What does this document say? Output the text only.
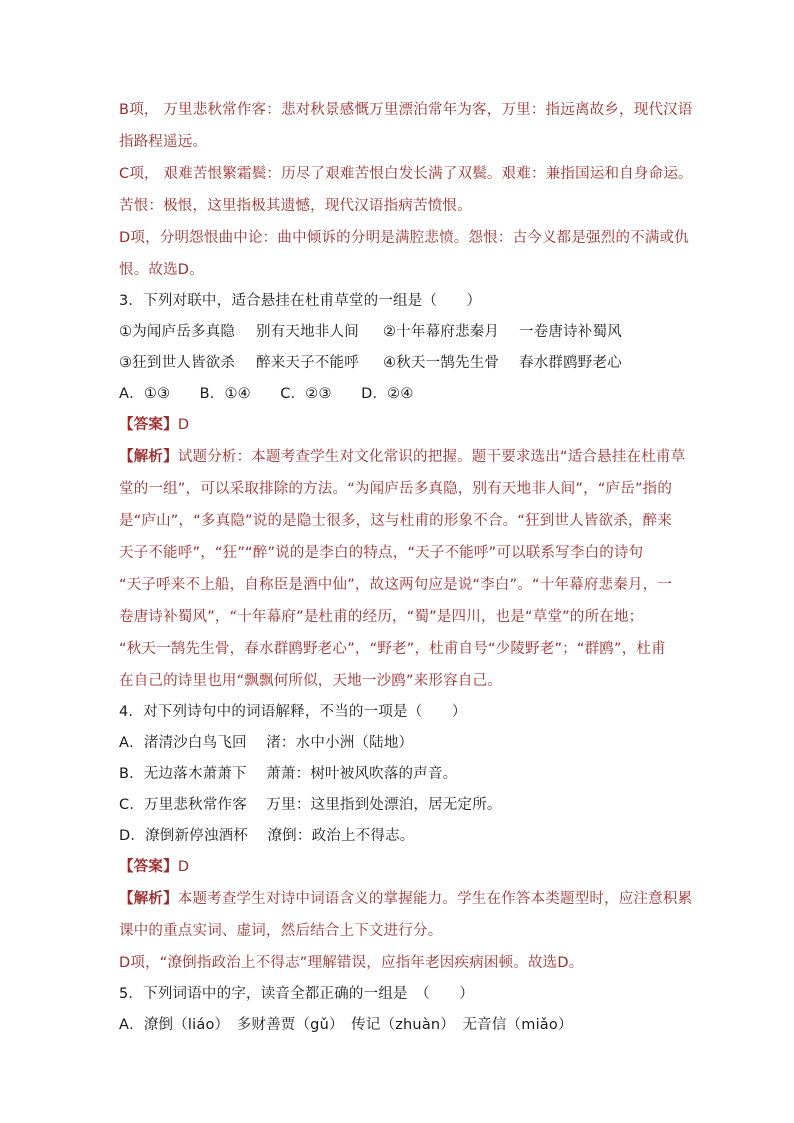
B项， 万里悲秋常作客：悲对秋景感慨万里漂泊常年为客，万里：指远离故乡，现代汉语
指路程遥远。
C项， 艰难苦恨繁霜鬓：历尽了艰难苦恨白发长满了双鬓。艰难：兼指国运和自身命运。
苦恨：极恨，这里指极其遗憾，现代汉语指病苦愤恨。
D项，分明怨恨曲中论：曲中倾诉的分明是满腔悲愤。怨恨：古今义都是强烈的不满或仇
恨。故选D。
3．下列对联中，适合悬挂在杜甫草堂的一组是（　　）
①为闻庐岳多真隐 别有天地非人间 ②十年幕府悲秦月 一卷唐诗补蜀风
③狂到世人皆欲杀 醉来天子不能呼 ④秋天一鹄先生骨 春水群鸥野老心
A．①③　　B．①④　　C．②③　　D．②④
【答案】D
【解析】试题分析：本题考查学生对文化常识的把握。题干要求选出“适合悬挂在杜甫草
堂的一组”，可以采取排除的方法。“为闻庐岳多真隐，别有天地非人间”，“庐岳”指的
是“庐山”，“多真隐”说的是隐士很多，这与杜甫的形象不合。“狂到世人皆欲杀，醉来
天子不能呼”，“狂”“醉”说的是李白的特点，“天子不能呼”可以联系写李白的诗句
“天子呼来不上船，自称臣是酒中仙”，故这两句应是说“李白”。“十年幕府悲秦月，一
卷唐诗补蜀风”，“十年幕府”是杜甫的经历，“蜀”是四川，也是“草堂”的所在地；
“秋天一鹄先生骨，春水群鸥野老心”，“野老”，杜甫自号“少陵野老”；“群鸥”，杜甫
在自己的诗里也用“飘飘何所似，天地一沙鸥”来形容自己。
4．对下列诗句中的词语解释，不当的一项是（　　）
A．渚清沙白鸟飞回　 渚：水中小洲（陆地）
B．无边落木萧萧下　 萧萧：树叶被风吹落的声音。
C．万里悲秋常作客　 万里：这里指到处漂泊，居无定所。
D．潦倒新停浊酒杯　 潦倒：政治上不得志。
【答案】D
【解析】本题考查学生对诗中词语含义的掌握能力。学生在作答本类题型时，应注意积累
课中的重点实词、虚词，然后结合上下文进行分。
D项，“潦倒指政治上不得志”理解错误，应指年老因疾病困顿。故选D。
5．下列词语中的字，读音全都正确的一组是　（　　）
A．潦倒（liáo）　多财善贾（gǔ）　传记（zhuàn）　无音信（miǎo）
